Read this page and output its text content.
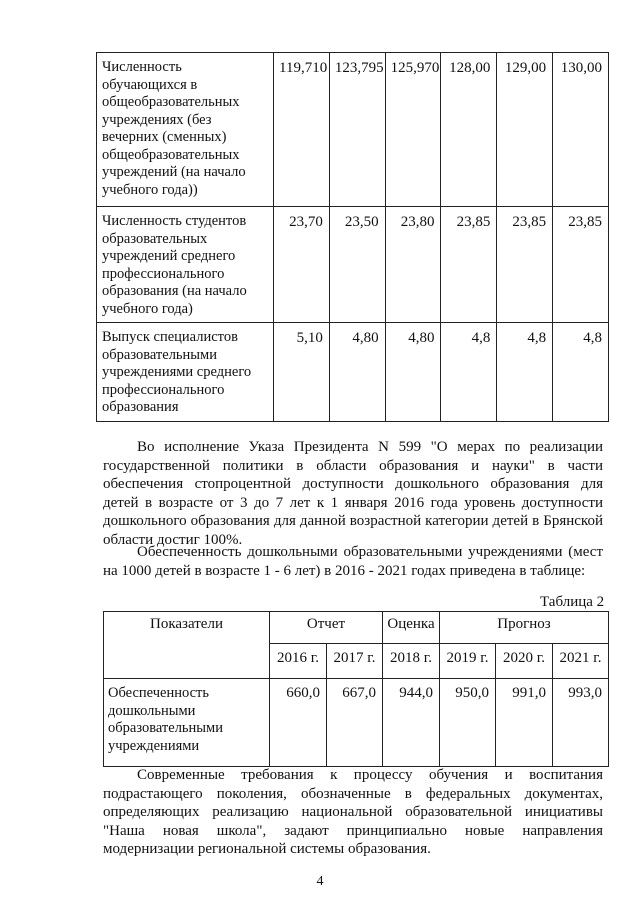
Численность обучающихся в общеобразовательных учреждениях (без вечерних (сменных) общеобразовательных учреждений (на начало учебного года))	119,710	123,795	125,970	128,00	129,00	130,00
Численность студентов образовательных учреждений среднего профессионального образования (на начало учебного года)	23,70	23,50	23,80	23,85	23,85	23,85
Выпуск специалистов образовательными учреждениями среднего профессионального образования	5,10	4,80	4,80	4,8	4,8	4,8

Во исполнение Указа Президента N 599 "О мерах по реализации государственной политики в области образования и науки" в части обеспечения стопроцентной доступности дошкольного образования для детей в возрасте от 3 до 7 лет к 1 января 2016 года уровень доступности дошкольного образования для данной возрастной категории детей в Брянской области достиг 100%.

Обеспеченность дошкольными образовательными учреждениями (мест на 1000 детей в возрасте 1 - 6 лет) в 2016 - 2021 годах приведена в таблице:

Таблица 2
Показатели	Отчет		Оценка	Прогноз		
	2016 г.	2017 г.	2018 г.	2019 г.	2020 г.	2021 г.
Обеспеченность дошкольными образовательными учреждениями	660,0	667,0	944,0	950,0	991,0	993,0

Современные требования к процессу обучения и воспитания подрастающего поколения, обозначенные в федеральных документах, определяющих реализацию национальной образовательной инициативы "Наша новая школа", задают принципиально новые направления модернизации региональной системы образования.

4
